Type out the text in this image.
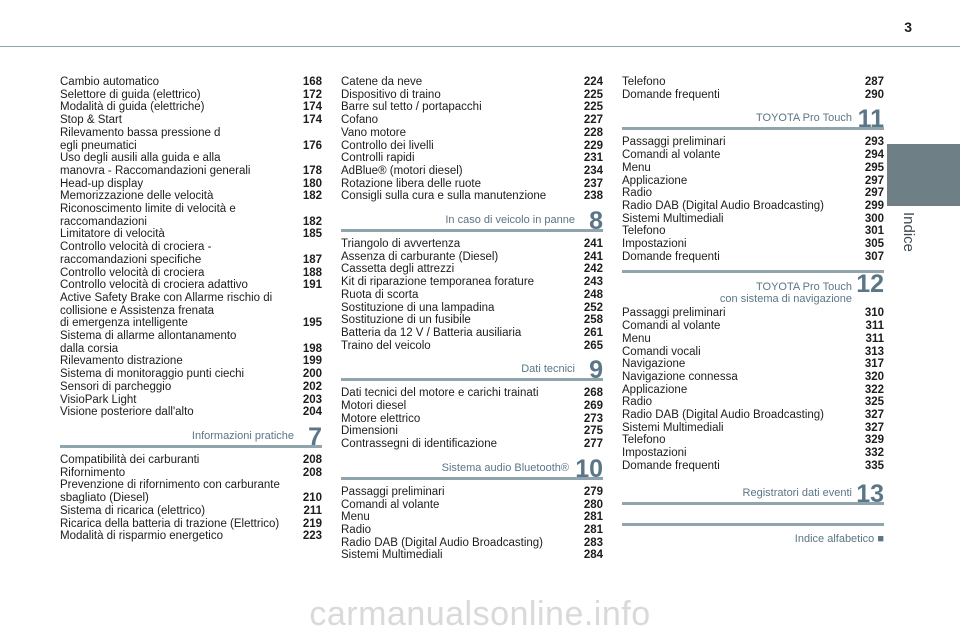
3
Indice
Cambio automatico	168
Selettore di guida (elettrico)	172
Modalità di guida (elettriche)	174
Stop & Start	174
Rilevamento bassa pressione d
egli pneumatici	176
Uso degli ausili alla guida e alla
manovra - Raccomandazioni generali	178
Head-up display	180
Memorizzazione delle velocità	182
Riconoscimento limite di velocità e
raccomandazioni	182
Limitatore di velocità	185
Controllo velocità di crociera -
raccomandazioni specifiche	187
Controllo velocità di crociera	188
Controllo velocità di crociera adattivo	191
Active Safety Brake con Allarme rischio di
collisione e Assistenza frenata
di emergenza intelligente	195
Sistema di allarme allontanamento
dalla corsia	198
Rilevamento distrazione	199
Sistema di monitoraggio punti ciechi	200
Sensori di parcheggio	202
VisioPark Light	203
Visione posteriore dall'alto	204
Informazioni pratiche 7
Compatibilità dei carburanti	208
Rifornimento	208
Prevenzione di rifornimento con carburante
sbagliato (Diesel)	210
Sistema di ricarica (elettrico)	211
Ricarica della batteria di trazione (Elettrico)	219
Modalità di risparmio energetico	223
Catene da neve	224
Dispositivo di traino	225
Barre sul tetto / portapacchi	225
Cofano	227
Vano motore	228
Controllo dei livelli	229
Controlli rapidi	231
AdBlue® (motori diesel)	234
Rotazione libera delle ruote	237
Consigli sulla cura e sulla manutenzione	238
In caso di veicolo in panne 8
Triangolo di avvertenza	241
Assenza di carburante (Diesel)	241
Cassetta degli attrezzi	242
Kit di riparazione temporanea forature	243
Ruota di scorta	248
Sostituzione di una lampadina	252
Sostituzione di un fusibile	258
Batteria da 12 V / Batteria ausiliaria	261
Traino del veicolo	265
Dati tecnici 9
Dati tecnici del motore e carichi trainati	268
Motori diesel	269
Motore elettrico	273
Dimensioni	275
Contrassegni di identificazione	277
Sistema audio Bluetooth® 10
Passaggi preliminari	279
Comandi al volante	280
Menu	281
Radio	281
Radio DAB (Digital Audio Broadcasting)	283
Sistemi Multimediali	284
Telefono	287
Domande frequenti	290
TOYOTA Pro Touch 11
Passaggi preliminari	293
Comandi al volante	294
Menu	295
Applicazione	297
Radio	297
Radio DAB (Digital Audio Broadcasting)	299
Sistemi Multimediali	300
Telefono	301
Impostazioni	305
Domande frequenti	307
TOYOTA Pro Touch
con sistema di navigazione
12
Passaggi preliminari	310
Comandi al volante	311
Menu	311
Comandi vocali	313
Navigazione	317
Navigazione connessa	320
Applicazione	322
Radio	325
Radio DAB (Digital Audio Broadcasting)	327
Sistemi Multimediali	327
Telefono	329
Impostazioni	332
Domande frequenti	335
Registratori dati eventi 13
Indice alfabetico ■
carmanualsonline.info
